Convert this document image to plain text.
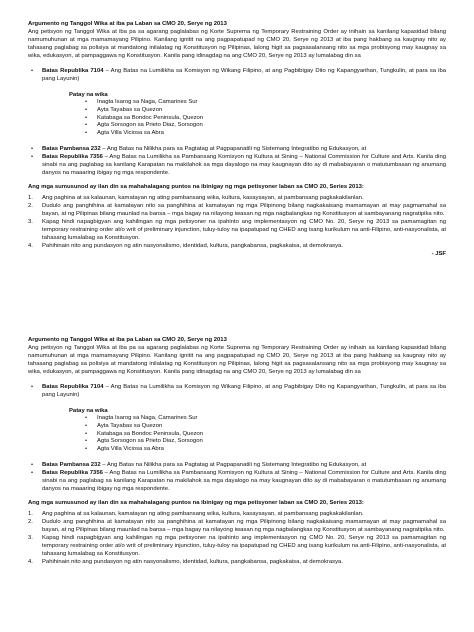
Argumento ng Tanggol Wika at iba pa Laban sa CMO 20, Serye ng 2013

Ang petisyon ng Tanggol Wika at iba pa sa agarang paglalabas ng Korte Suprema ng Temporary Restraining Order ay inihain sa kanilang kapasidad bilang namumuhunan at mga mamamayang Pilipino. Kanilang ignitit na ang pagpapatupad ng CMO 20, Serye ng 2013 at iba pang hakbang sa kaugnay nito ay tahasang paglabag sa polisiya at mandatong inilalatag ng Konstitusyon ng Pilipinas, lalong higit sa pagsasalansang nito sa mga probisyong may kaugnay sa wika, edukasyon, at pampaggawa ng Konstitusyon. Kanila pang idinagdag na ang CMO 20, Serye ng 2013 ay lumalabag din sa

• Batas Republika 7104 – Ang Batas na Lumilikha sa Komisyon ng Wikang Filipino, at ang Pagbibigay Dito ng Kapangyarihan, Tungkulin, at para sa iba pang Layunin)

Patay na wika

• Inagta Isarog sa Naga, Camarines Sur
• Ayta Tayabas sa Quezon
• Katabaga sa Bondoc Peninsula, Quezon
• Agta Sorsogon sa Prieto Diaz, Sorsogon
• Agta Villa Viciosa sa Abra
• Batas Pambansa 232 – Ang Batas na Nilikha para sa Pagtatag at Pagpapanatili ng Sistemang Integratibo ng Edukasyon, at
• Batas Republika 7356 – Ang Batas na Lumilikha sa Pambansang Komisyon ng Kultura at Sining – National Commission for Culture and Arts. Kanila ding sinabi na ang paglabag sa kanilang Karapatan na makilahok sa mga dayalogo na may kaugnayan dito ay di mababayaran o matutumbasan ng anumang danyos na maaaring ibigay ng mga respondente.

Ang mga sumusunod ay ilan din sa mahahalagang puntos na ibinigay ng mga petisyoner laban sa CMO 20, Series 2013:

1. Ang paghina at sa kalaunan, kamatayan ng ating pambansang wika, kultura, kasaysayan, at pambansang pagkakakilanlan.
2. Dudulo ang panghihina at kamatayan nito sa panghihina at kamatayan ng mga Pilipinong bilang nagkakaisang mamamayan at may pagmamahal sa bayan, at ng Pilipinas bilang maunlad na bansa – mga bagay na nilayong iwasan ng mga nagbalangkas ng Konstitusyon at sambayanang nagratipika nito.
3. Kapag hindi napagbigyan ang kahilingan ng mga petisyoner na ipahinto ang implementasyon ng CMO No. 20, Serye ng 2013 sa pamamagitan ng temporary restraining order at/o writ of preliminary injunction, tuluy-tuloy na ipapatupad ng CHED ang isang kurikulum na anti-Filipino, anti-nasyonalista, at tahasang lumalabag sa Konstitusyon.
4. Pahihinain nito ang pundasyon ng atin nasyonalismo, identidad, kultura, pangkabansa, pagkakaisa, at demokrasya.

- JSF

Argumento ng Tanggol Wika at iba pa Laban sa CMO 20, Serye ng 2013

Ang petisyon ng Tanggol Wika at iba pa sa agarang paglalabas ng Korte Suprema ng Temporary Restraining Order ay inihain sa kanilang kapasidad bilang namumuhunan at mga mamamayang Pilipino. Kanilang ignitit na ang pagpapatupad ng CMO 20, Serye ng 2013 at iba pang hakbang sa kaugnay nito ay tahasang paglabag sa polisiya at mandatong inilalatag ng Konstitusyon ng Pilipinas, lalong higit sa pagsasalansang nito sa mga probisyong may kaugnay sa wika, edukasyon, at pampaggawa ng Konstitusyon. Kanila pang idinagdag na ang CMO 20, Serye ng 2013 ay lumalabag din sa

• Batas Republika 7104 – Ang Batas na Lumilikha sa Komisyon ng Wikang Filipino, at ang Pagbibigay Dito ng Kapangyarihan, Tungkulin, at para sa iba pang Layunin)

Patay na wika

• Inagta Isarog sa Naga, Camarines Sur
• Ayta Tayabas sa Quezon
• Katabaga sa Bondoc Peninsula, Quezon
• Agta Sorsogon sa Prieto Diaz, Sorsogon
• Agta Villa Viciosa sa Abra
• Batas Pambansa 232 – Ang Batas na Nilikha para sa Pagtatag at Pagpapanatili ng Sistemang Integratibo ng Edukasyon, at
• Batas Republika 7356 – Ang Batas na Lumilikha sa Pambansang Komisyon ng Kultura at Sining – National Commission for Culture and Arts. Kanila ding sinabi na ang paglabag sa kanilang Karapatan na makilahok sa mga dayalogo na may kaugnayan dito ay di mababayaran o matutumbasan ng anumang danyos na maaaring ibigay ng mga respondente.

Ang mga sumusunod ay ilan din sa mahahalagang puntos na ibinigay ng mga petisyoner laban sa CMO 20, Series 2013:

1. Ang paghina at sa kalaunan, kamatayan ng ating pambansang wika, kultura, kasaysayan, at pambansang pagkakakilanlan.
2. Dudulo ang panghihina at kamatayan nito sa panghihina at kamatayan ng mga Pilipinong bilang nagkakaisang mamamayan at may pagmamahal sa bayan, at ng Pilipinas bilang maunlad na bansa – mga bagay na nilayong iwasan ng mga nagbalangkas ng Konstitusyon at sambayanang nagratipika nito.
3. Kapag hindi napagbigyan ang kahilingan ng mga petisyoner na ipahinto ang implementasyon ng CMO No. 20, Serye ng 2013 sa pamamagitan ng temporary restraining order at/o writ of preliminary injunction, tuluy-tuloy na ipapatupad ng CHED ang isang kurikulum na anti-Filipino, anti-nasyonalista, at tahasang lumalabag sa Konstitusyon.
4. Pahihinain nito ang pundasyon ng atin nasyonalismo, identidad, kultura, pangkabansa, pagkakaisa, at demokrasya.
